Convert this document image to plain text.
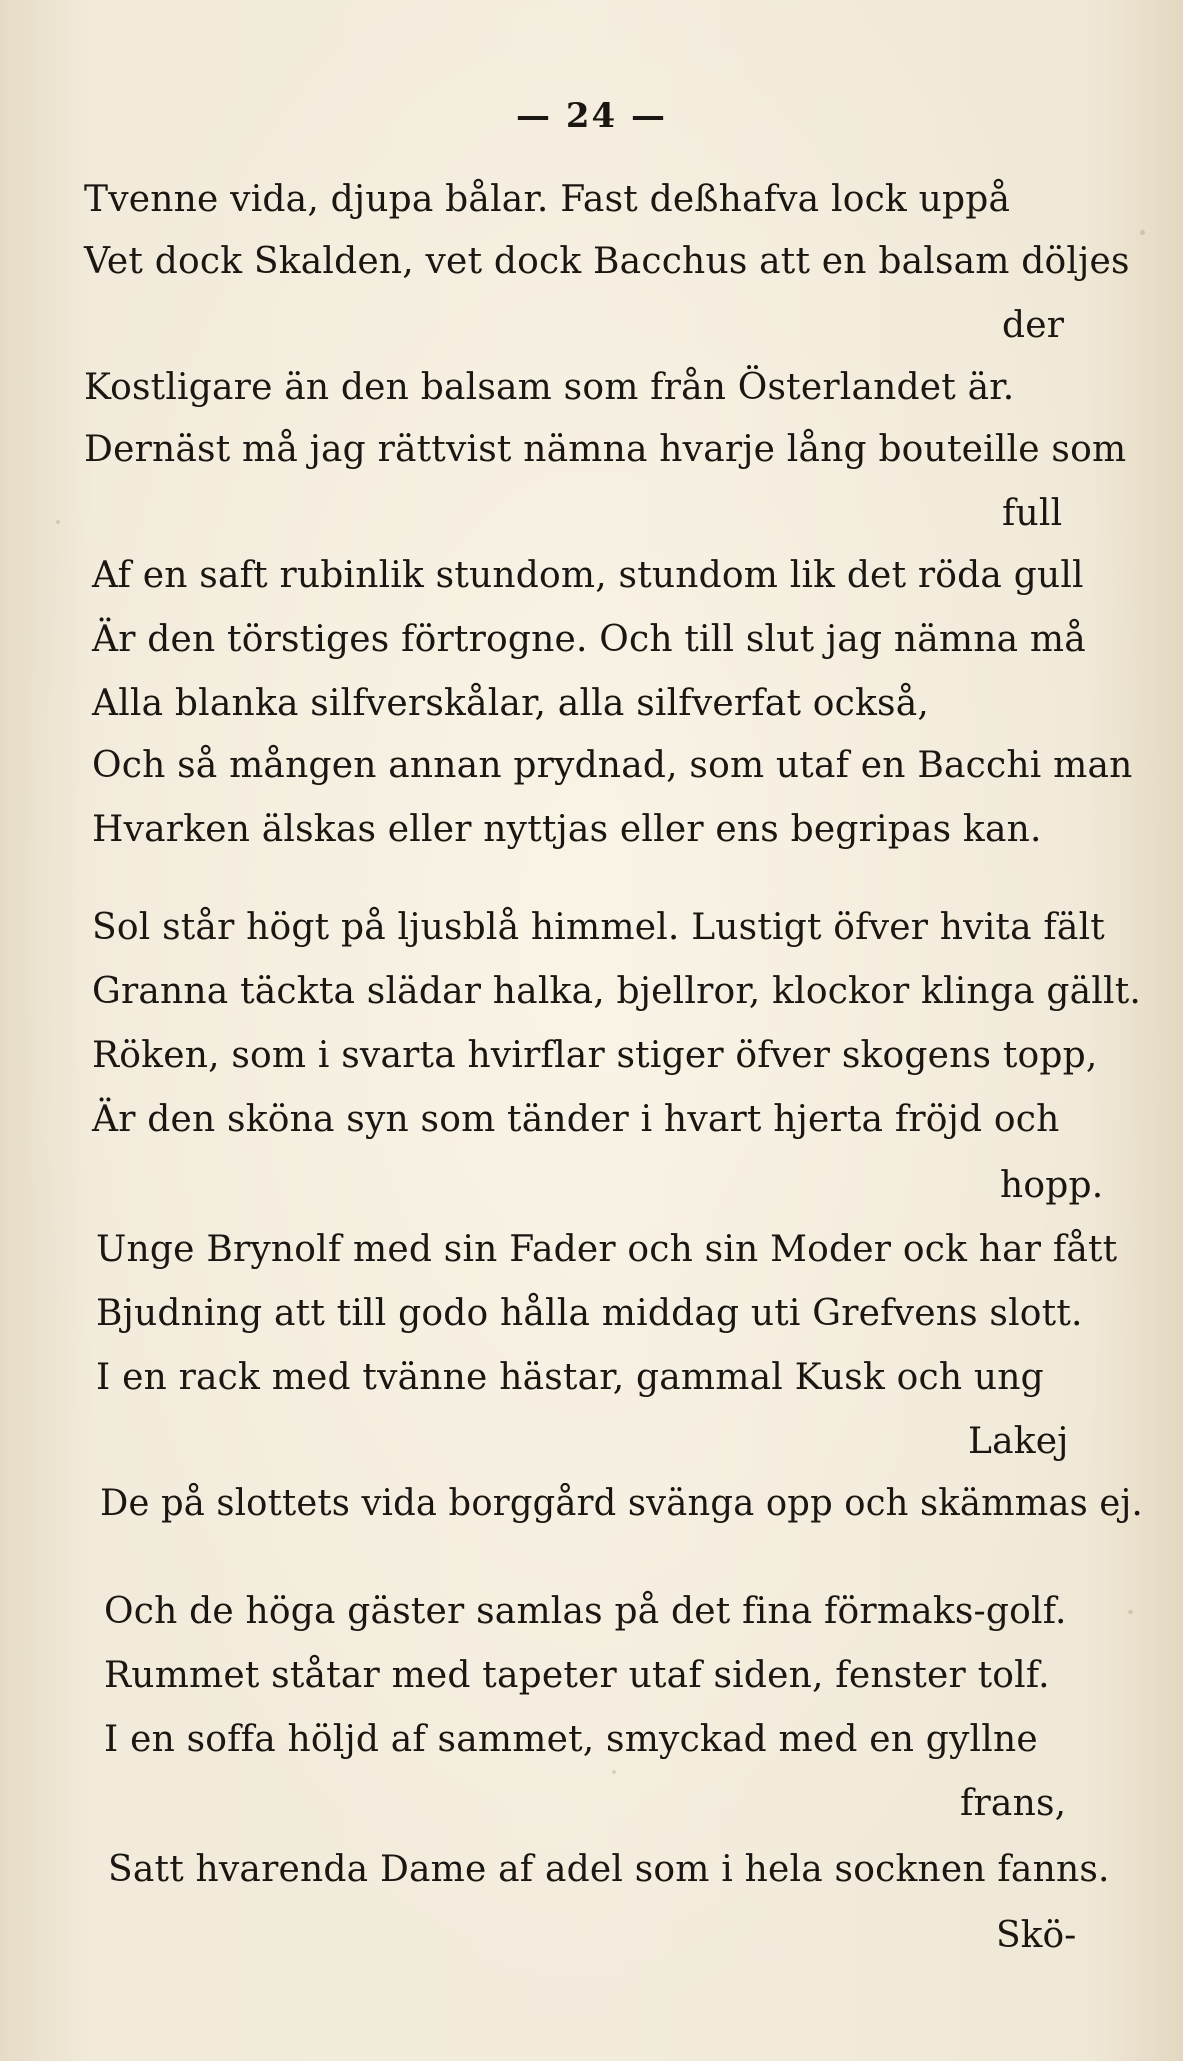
— 24 —
Tvenne vida, djupa bålar. Fast deßhafva lock uppå
Vet dock Skalden, vet dock Bacchus att en balsam döljes
der
Kostligare än den balsam som från Österlandet är.
Dernäst må jag rättvist nämna hvarje lång bouteille som
full
Af en saft rubinlik stundom, stundom lik det röda gull
Är den törstiges förtrogne. Och till slut jag nämna må
Alla blanka silfverskålar, alla silfverfat också,
Och så mången annan prydnad, som utaf en Bacchi man
Hvarken älskas eller nyttjas eller ens begripas kan.
Sol står högt på ljusblå himmel. Lustigt öfver hvita fält
Granna täckta slädar halka, bjellror, klockor klinga gällt.
Röken, som i svarta hvirflar stiger öfver skogens topp,
Är den sköna syn som tänder i hvart hjerta fröjd och
hopp.
Unge Brynolf med sin Fader och sin Moder ock har fått
Bjudning att till godo hålla middag uti Grefvens slott.
I en rack med tvänne hästar, gammal Kusk och ung
Lakej
De på slottets vida borggård svänga opp och skämmas ej.
Och de höga gäster samlas på det fina förmaks-golf.
Rummet ståtar med tapeter utaf siden, fenster tolf.
I en soffa höljd af sammet, smyckad med en gyllne
frans,
Satt hvarenda Dame af adel som i hela socknen fanns.
Skö-
